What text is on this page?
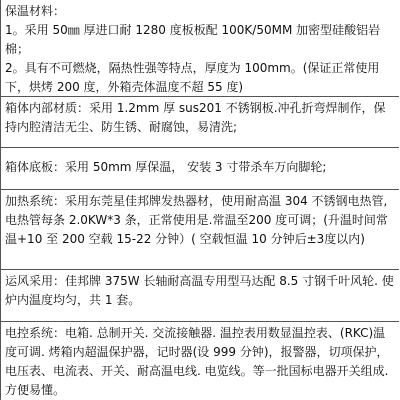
保温材料：

1。采用 50㎜ 厚进口耐 1280 度板板配 100K/50MM 加密型硅酸铝岩棉；

2。具有不可燃烧，隔热性强等特点，厚度为 100mm。(保证正常使用下，烘烤 200 度，外箱壳体温度不超 55 度)

箱体内部材质：采用 1.2mm 厚 sus201 不锈钢板.冲孔折弯焊制作，保持内腔清洁无尘、防生锈、耐腐蚀，易清洗;

箱体底板：采用 50mm 厚保温， 安装 3 寸带杀车万向脚轮;

加热系统：采用东莞星佳邦牌发热器材，使用耐高温 304 不锈钢电热管, 电热管每条 2.0KW*3 条，正常使用是.常温至200 度可调；(升温时间常温+10 至 200 空载 15-22 分钟）( 空载恒温 10 分钟后±3度以内)

运风采用：佳邦牌 375W 长轴耐高温专用型马达配 8.5 寸钢千叶风轮. 使炉内温度均匀，共 1 套。

电控系统：电箱. 总制开关. 交流接触器. 温控表用数显温控表、(RKC)温度可调. 烤箱内超温保护器，记时器(设 999 分钟)，报警器，切项保护，电压表、电流表、开关、耐高温电线. 电览线。等一批国标电器开关组成. 方便易懂。
